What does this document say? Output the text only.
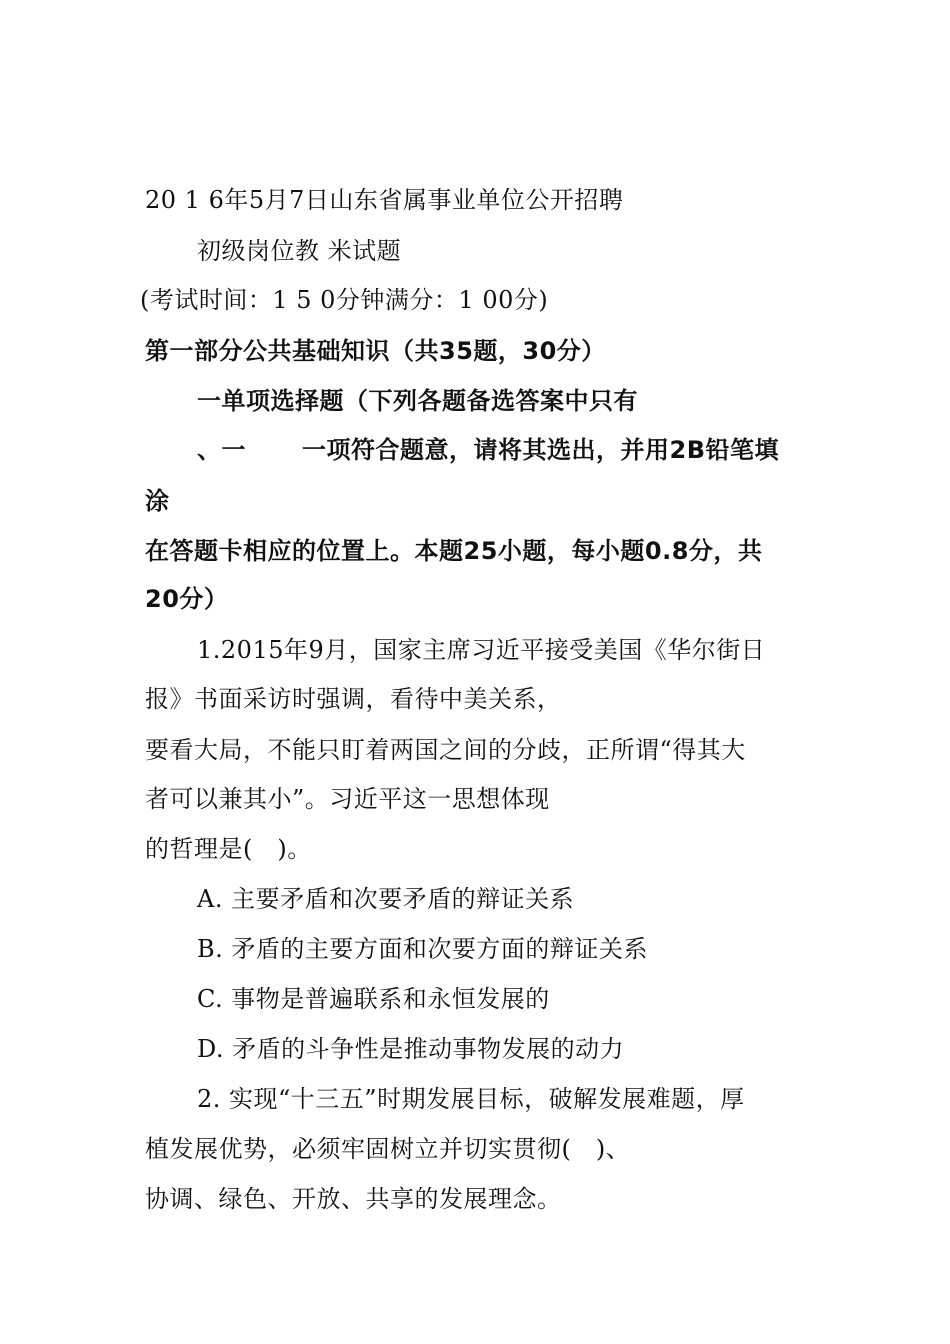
20 1 6年5月7日山东省属事业单位公开招聘
初级岗位教 米试题
(考试时间：1 5 0分钟满分：1 00分)
第一部分公共基础知识（共35题，30分）
一单项选择题（下列各题备选答案中只有
、一 一项符合题意，请将其选出，并用2B铅笔填
涂
在答题卡相应的位置上。本题25小题，每小题0.8分，共
20分）
1.2015年9月，国家主席习近平接受美国《华尔街日
报》书面采访时强调，看待中美关系，
要看大局，不能只盯着两国之间的分歧，正所谓“得其大
者可以兼其小”。习近平这一思想体现
的哲理是(　)。
A. 主要矛盾和次要矛盾的辩证关系
B. 矛盾的主要方面和次要方面的辩证关系
C. 事物是普遍联系和永恒发展的
D. 矛盾的斗争性是推动事物发展的动力
2. 实现“十三五”时期发展目标，破解发展难题，厚
植发展优势，必须牢固树立并切实贯彻(　)、
协调、绿色、开放、共享的发展理念。
